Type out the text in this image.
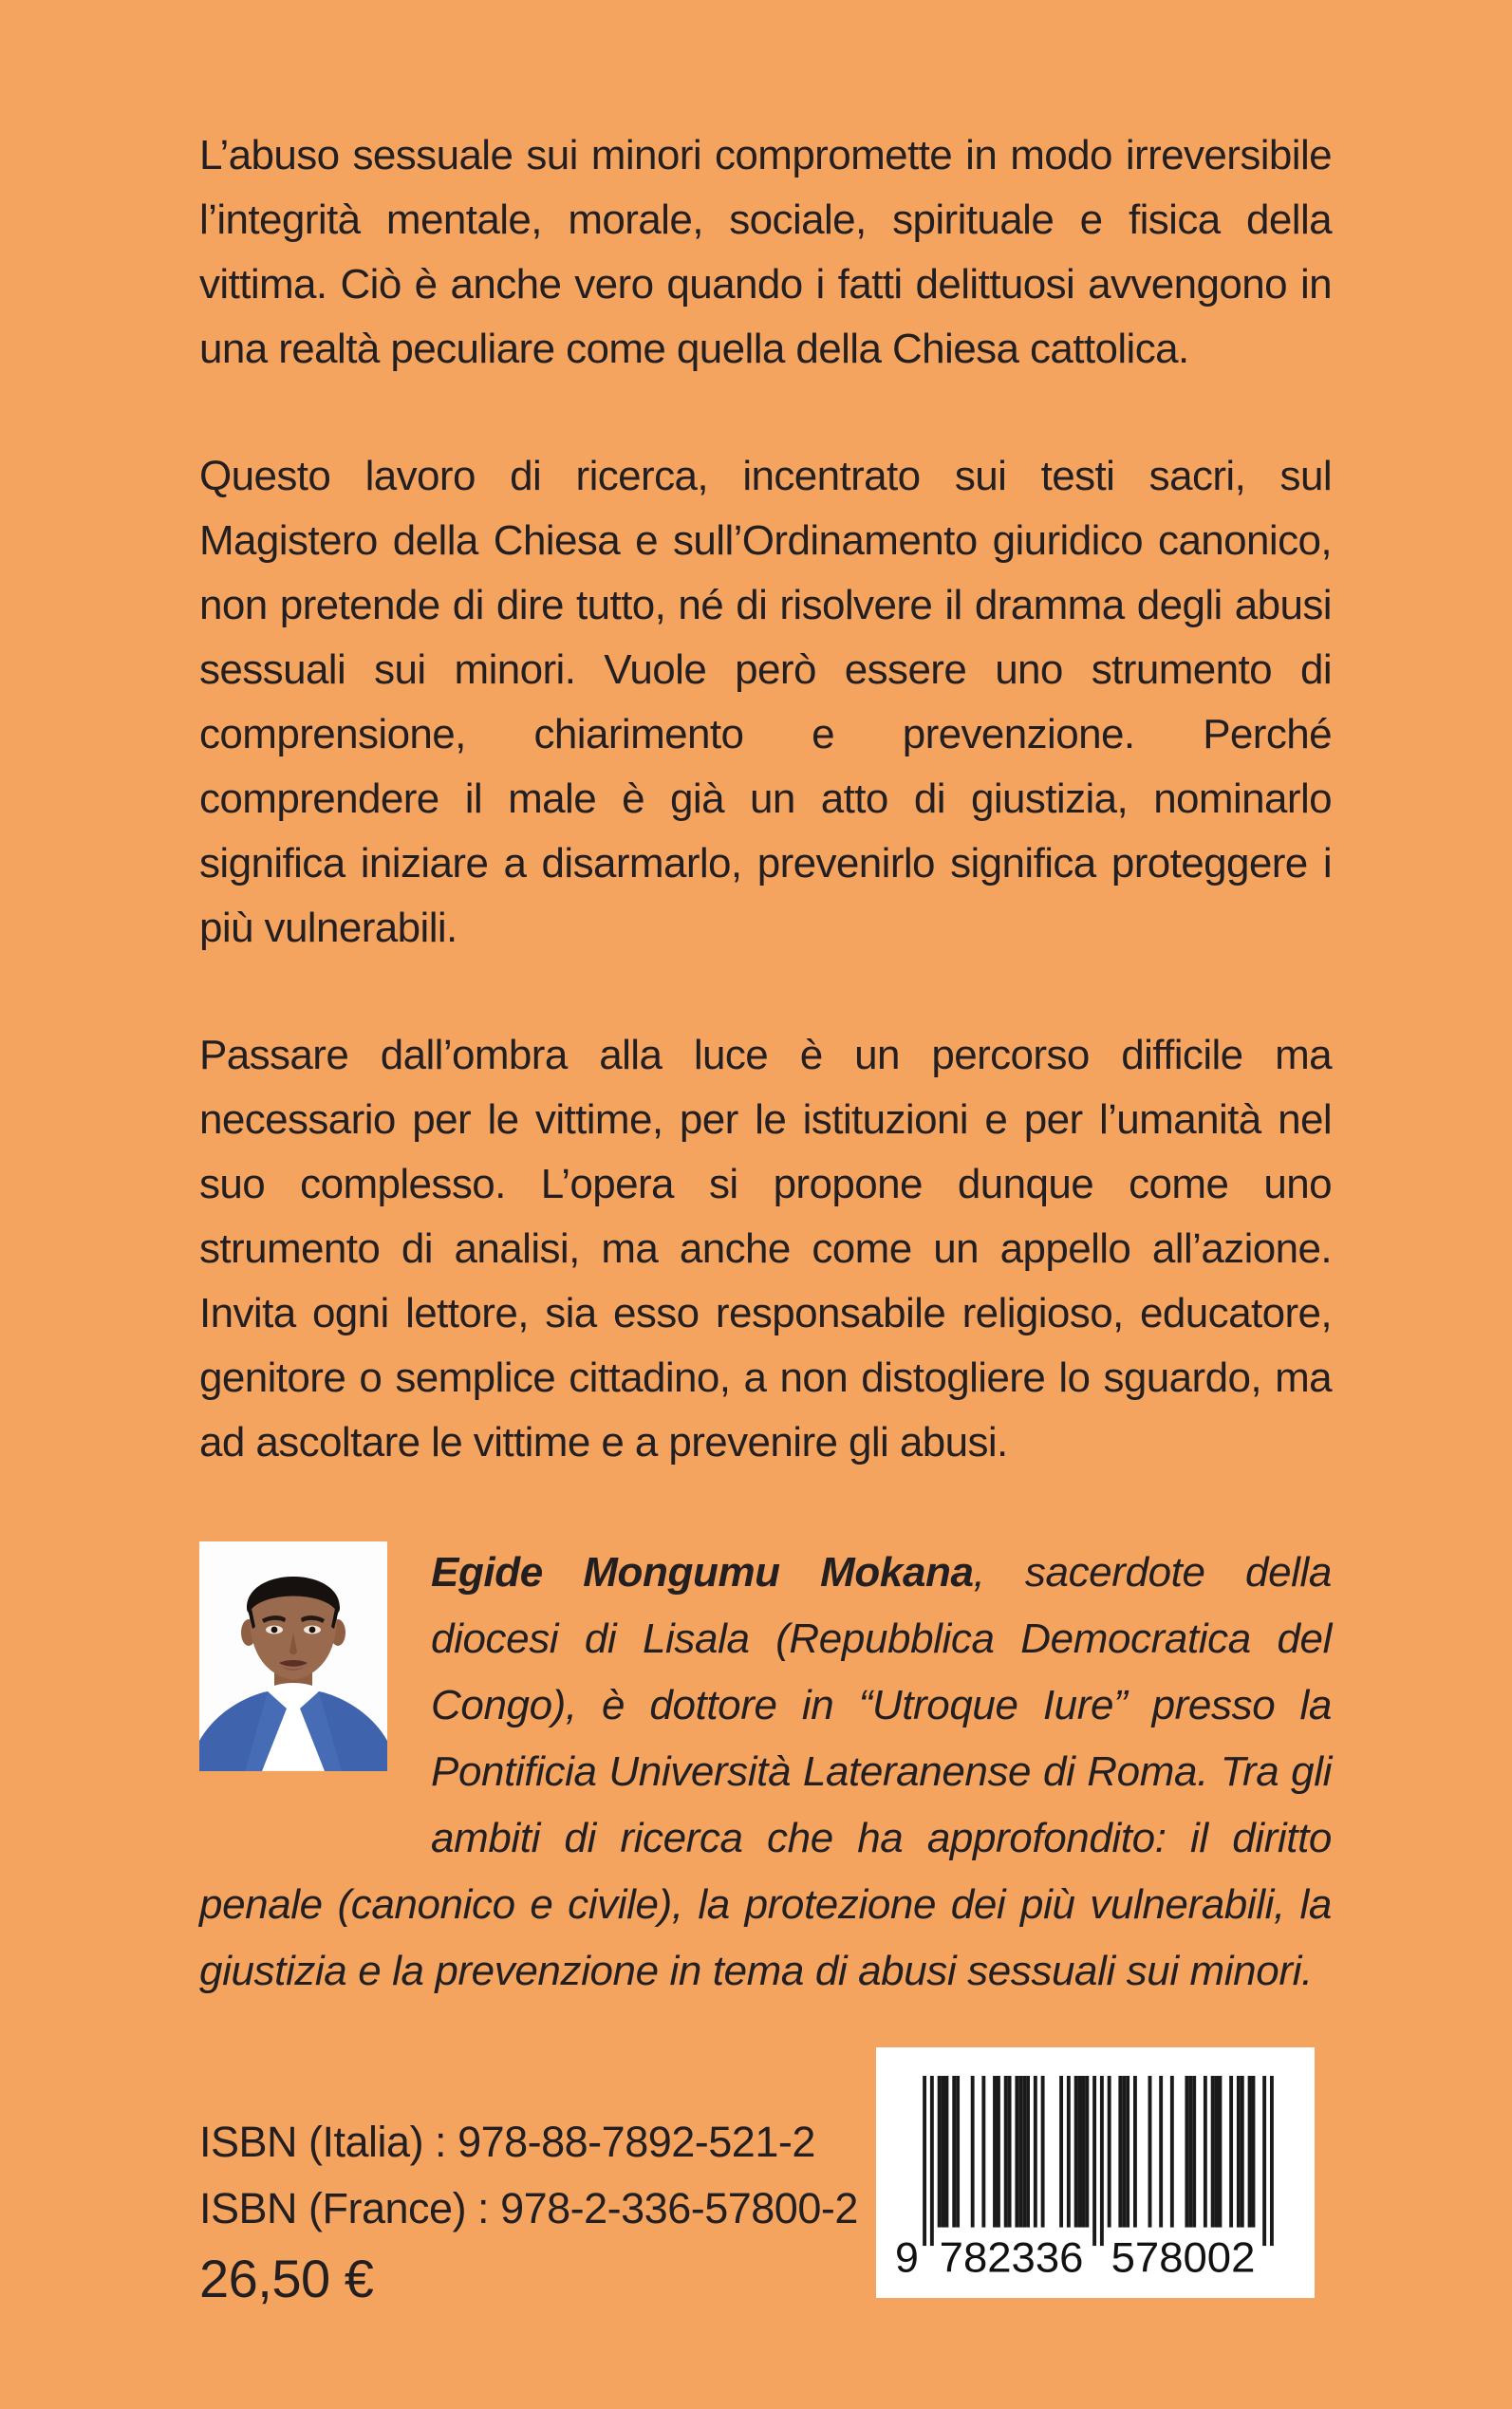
L’abuso sessuale sui minori compromette in modo irreversibile l’integrità mentale, morale, sociale, spirituale e fisica della vittima. Ciò è anche vero quando i fatti delittuosi avvengono in una realtà peculiare come quella della Chiesa cattolica.

Questo lavoro di ricerca, incentrato sui testi sacri, sul Magistero della Chiesa e sull’Ordinamento giuridico canonico, non pretende di dire tutto, né di risolvere il dramma degli abusi sessuali sui minori. Vuole però essere uno strumento di comprensione, chiarimento e prevenzione. Perché comprendere il male è già un atto di giustizia, nominarlo significa iniziare a disarmarlo, prevenirlo significa proteggere i più vulnerabili.

Passare dall’ombra alla luce è un percorso difficile ma necessario per le vittime, per le istituzioni e per l’umanità nel suo complesso. L’opera si propone dunque come uno strumento di analisi, ma anche come un appello all’azione. Invita ogni lettore, sia esso responsabile religioso, educatore, genitore o semplice cittadino, a non distogliere lo sguardo, ma ad ascoltare le vittime e a prevenire gli abusi.

Egide Mongumu Mokana, sacerdote della diocesi di Lisala (Repubblica Democratica del Congo), è dottore in “Utroque Iure” presso la Pontificia Università Lateranense di Roma. Tra gli ambiti di ricerca che ha approfondito: il diritto penale (canonico e civile), la protezione dei più vulnerabili, la giustizia e la prevenzione in tema di abusi sessuali sui minori.

ISBN (Italia) : 978-88-7892-521-2
ISBN (France) : 978-2-336-57800-2
26,50 €	9 782336	578002
